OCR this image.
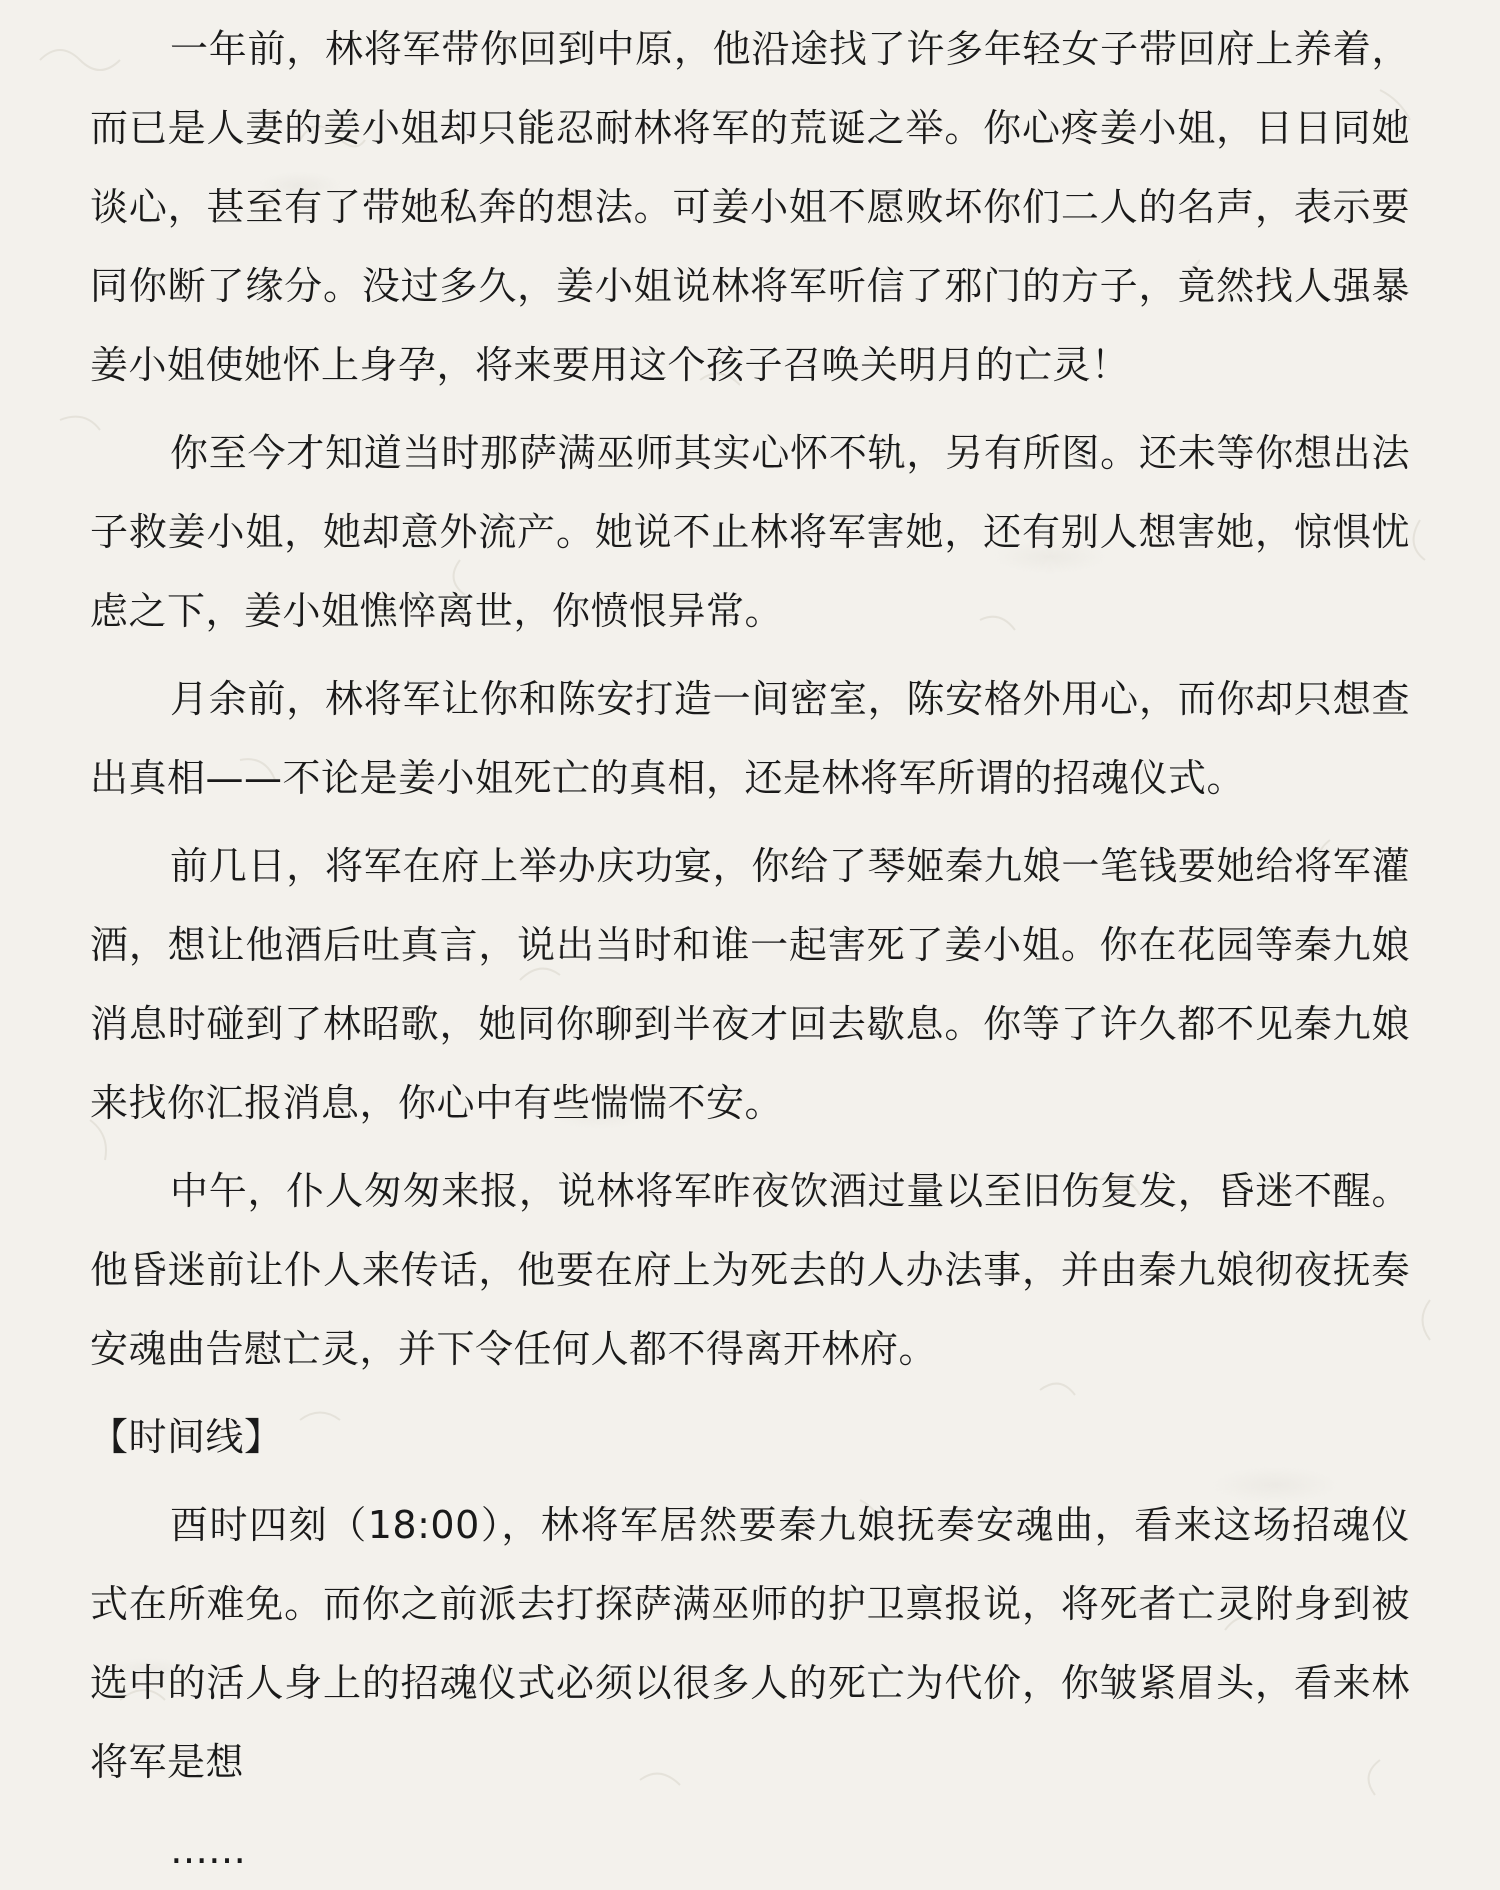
一年前，林将军带你回到中原，他沿途找了许多年轻女子带回府上养着，而已是人妻的姜小姐却只能忍耐林将军的荒诞之举。你心疼姜小姐，日日同她谈心，甚至有了带她私奔的想法。可姜小姐不愿败坏你们二人的名声，表示要同你断了缘分。没过多久，姜小姐说林将军听信了邪门的方子，竟然找人强暴姜小姐使她怀上身孕，将来要用这个孩子召唤关明月的亡灵！

你至今才知道当时那萨满巫师其实心怀不轨，另有所图。还未等你想出法子救姜小姐，她却意外流产。她说不止林将军害她，还有别人想害她，惊惧忧虑之下，姜小姐憔悴离世，你愤恨异常。

月余前，林将军让你和陈安打造一间密室，陈安格外用心，而你却只想查出真相——不论是姜小姐死亡的真相，还是林将军所谓的招魂仪式。

前几日，将军在府上举办庆功宴，你给了琴姬秦九娘一笔钱要她给将军灌酒，想让他酒后吐真言，说出当时和谁一起害死了姜小姐。你在花园等秦九娘消息时碰到了林昭歌，她同你聊到半夜才回去歇息。你等了许久都不见秦九娘来找你汇报消息，你心中有些惴惴不安。

中午，仆人匆匆来报，说林将军昨夜饮酒过量以至旧伤复发，昏迷不醒。他昏迷前让仆人来传话，他要在府上为死去的人办法事，并由秦九娘彻夜抚奏安魂曲告慰亡灵，并下令任何人都不得离开林府。

【时间线】

酉时四刻（18:00），林将军居然要秦九娘抚奏安魂曲，看来这场招魂仪式在所难免。而你之前派去打探萨满巫师的护卫禀报说，将死者亡灵附身到被选中的活人身上的招魂仪式必须以很多人的死亡为代价，你皱紧眉头，看来林将军是想

……
